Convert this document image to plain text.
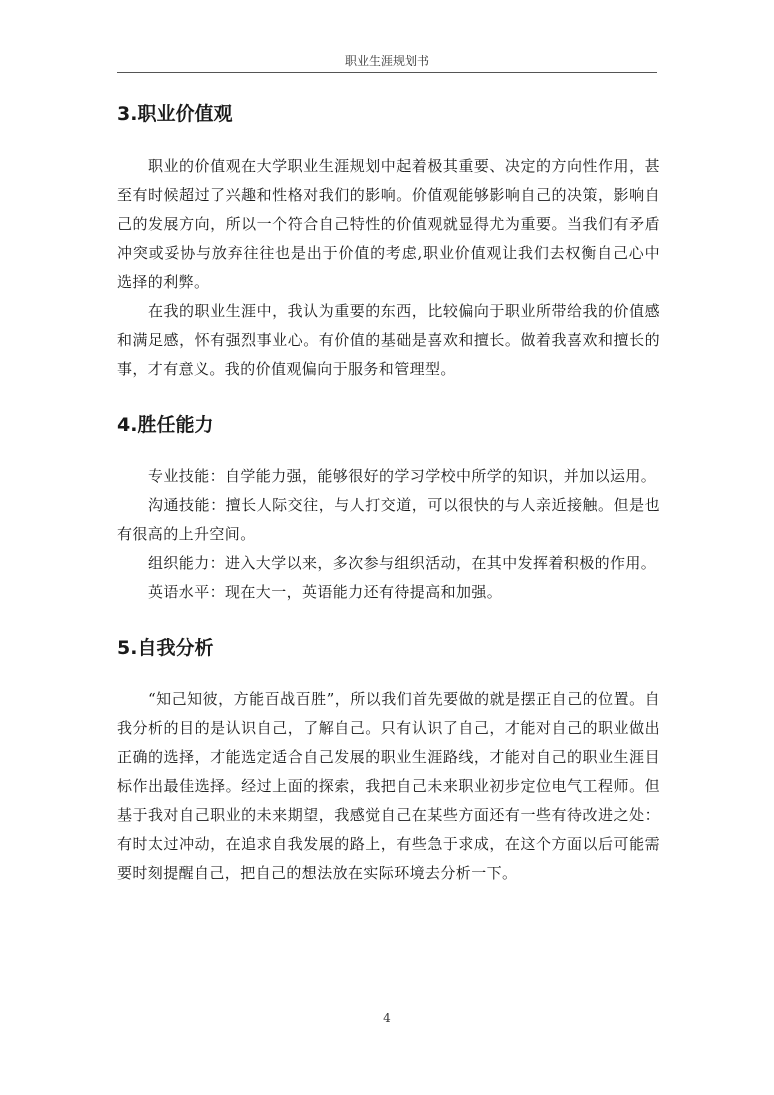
职业生涯规划书
3.职业价值观

职业的价值观在大学职业生涯规划中起着极其重要、决定的方向性作用，甚至有时候超过了兴趣和性格对我们的影响。价值观能够影响自己的决策，影响自己的发展方向，所以一个符合自己特性的价值观就显得尤为重要。当我们有矛盾冲突或妥协与放弃往往也是出于价值的考虑,职业价值观让我们去权衡自己心中选择的利弊。

在我的职业生涯中，我认为重要的东西，比较偏向于职业所带给我的价值感和满足感，怀有强烈事业心。有价值的基础是喜欢和擅长。做着我喜欢和擅长的事，才有意义。我的价值观偏向于服务和管理型。

4.胜任能力

专业技能：自学能力强，能够很好的学习学校中所学的知识，并加以运用。

沟通技能：擅长人际交往，与人打交道，可以很快的与人亲近接触。但是也有很高的上升空间。

组织能力：进入大学以来，多次参与组织活动，在其中发挥着积极的作用。

英语水平：现在大一，英语能力还有待提高和加强。

5.自我分析

“知己知彼，方能百战百胜”，所以我们首先要做的就是摆正自己的位置。自我分析的目的是认识自己，了解自己。只有认识了自己，才能对自己的职业做出正确的选择，才能选定适合自己发展的职业生涯路线，才能对自己的职业生涯目标作出最佳选择。经过上面的探索，我把自己未来职业初步定位电气工程师。但基于我对自己职业的未来期望，我感觉自己在某些方面还有一些有待改进之处：有时太过冲动，在追求自我发展的路上，有些急于求成，在这个方面以后可能需要时刻提醒自己，把自己的想法放在实际环境去分析一下。

4
